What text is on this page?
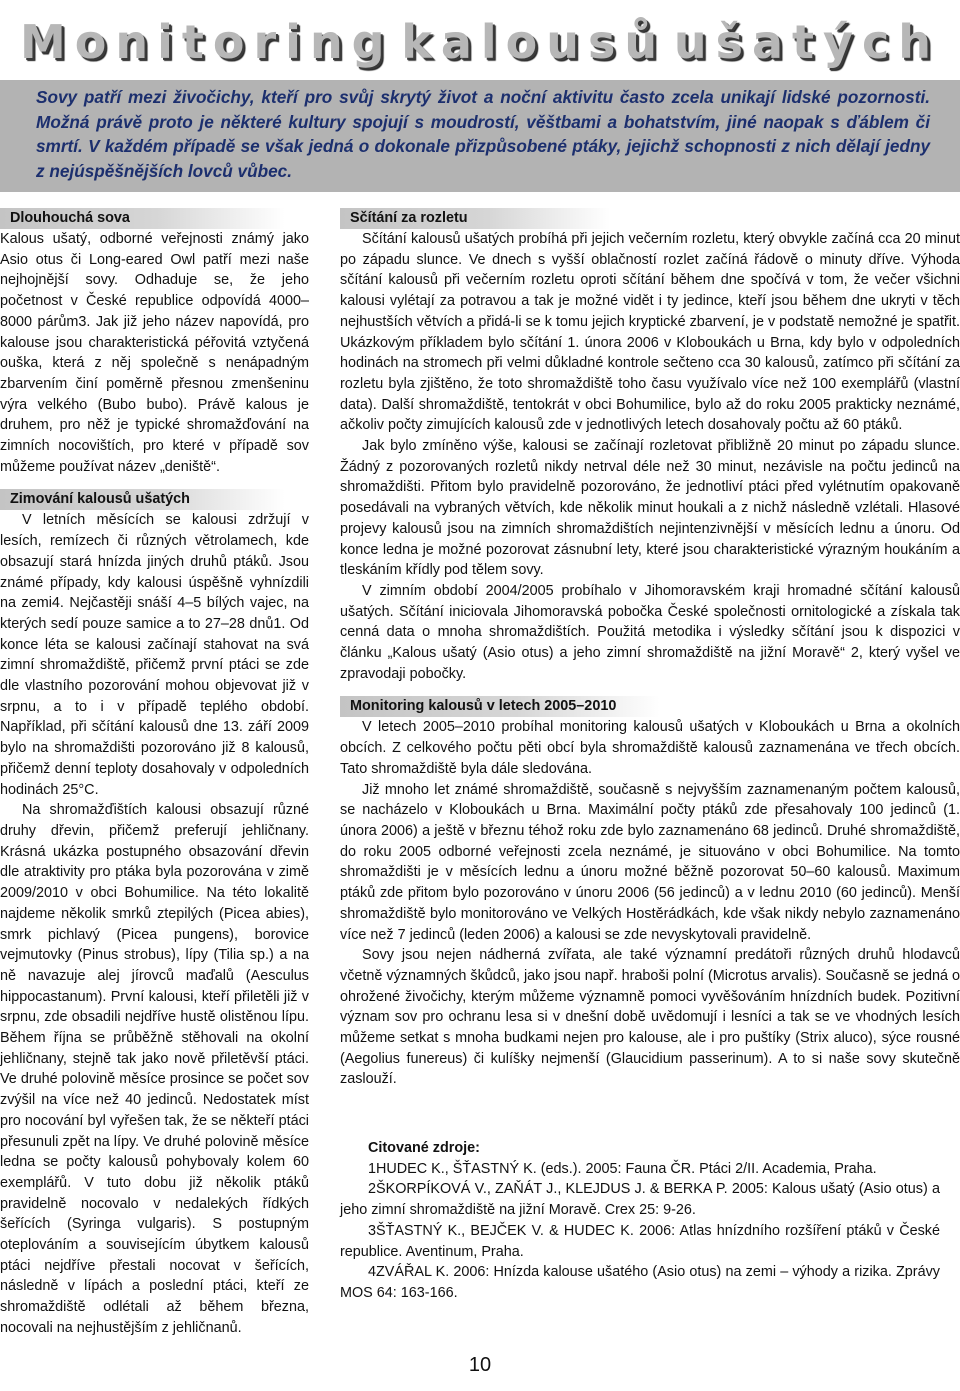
Monitoring kalousů ušatých

Sovy patří mezi živočichy, kteří pro svůj skrytý život a noční aktivitu často zcela unikají lidské pozornosti. Možná právě proto je některé kultury spojují s moudrostí, věštbami a bohatstvím, jiné naopak s ďáblem či smrtí. V každém případě se však jedná o dokonale přizpůsobené ptáky, jejichž schopnosti z nich dělají jedny z nejúspěšnějších lovců vůbec.

Dlouhouchá sova

Kalous ušatý, odborné veřejnosti známý jako Asio otus či Long-eared Owl patří mezi naše nejhojnější sovy. Odhaduje se, že jeho početnost v České republice odpovídá 4000–8000 párům3. Jak již jeho název napovídá, pro kalouse jsou charakteristická péřovitá vztyčená ouška, která z něj společně s nenápadným zbarvením činí poměrně přesnou zmenšeninu výra velkého (Bubo bubo). Právě kalous je druhem, pro něž je typické shromažďování na zimních nocovištích, pro které v případě sov můžeme používat název „deniště“.

Zimování kalousů ušatých

V letních měsících se kalousi zdržují v lesích, remízech či různých větrolamech, kde obsazují stará hnízda jiných druhů ptáků. Jsou známé případy, kdy kalousi úspěšně vyhnízdili na zemi4. Nejčastěji snáší 4–5 bílých vajec, na kterých sedí pouze samice a to 27–28 dnů1. Od konce léta se kalousi začínají stahovat na svá zimní shromaždiště, přičemž první ptáci se zde dle vlastního pozorování mohou objevovat již v srpnu, a to i v případě teplého období. Například, při sčítání kalousů dne 13. září 2009 bylo na shromaždišti pozorováno již 8 kalousů, přičemž denní teploty dosahovaly v odpoledních hodinách 25°C.

Na shromažďištích kalousi obsazují různé druhy dřevin, přičemž preferují jehličnany. Krásná ukázka postupného obsazování dřevin dle atraktivity pro ptáka byla pozorována v zimě 2009/2010 v obci Bohumilice. Na této lokalitě najdeme několik smrků ztepilých (Picea abies), smrk pichlavý (Picea pungens), borovice vejmutovky (Pinus strobus), lípy (Tilia sp.) a na ně navazuje alej jírovců maďalů (Aesculus hippocastanum). První kalousi, kteří přiletěli již v srpnu, zde obsadili nejdříve hustě olistěnou lípu. Během října se průběžně stěhovali na okolní jehličnany, stejně tak jako nově přiletěvší ptáci. Ve druhé polovině měsíce prosince se počet sov zvýšil na více než 40 jedinců. Nedostatek míst pro nocování byl vyřešen tak, že se někteří ptáci přesunuli zpět na lípy. Ve druhé polovině měsíce ledna se počty kalousů pohybovaly kolem 60 exemplářů. V tuto dobu již několik ptáků pravidelně nocovalo v nedalekých řídkých šeřících (Syringa vulgaris). S postupným oteplováním a souvisejícím úbytkem kalousů ptáci nejdříve přestali nocovat v šeřících, následně v lípách a poslední ptáci, kteří ze shromaždiště odlétali až během března, nocovali na nejhustějším z jehličnanů.

Sčítání za rozletu

Sčítání kalousů ušatých probíhá při jejich večerním rozletu, který obvykle začíná cca 20 minut po západu slunce. Ve dnech s vyšší oblačností rozlet začíná řádově o minuty dříve. Výhoda sčítání kalousů při večerním rozletu oproti sčítání během dne spočívá v tom, že večer všichni kalousi vylétají za potravou a tak je možné vidět i ty jedince, kteří jsou během dne ukryti v těch nejhustších větvích a přidá-li se k tomu jejich kryptické zbarvení, je v podstatě nemožné je spatřit. Ukázkovým příkladem bylo sčítání 1. února 2006 v Kloboukách u Brna, kdy bylo v odpoledních hodinách na stromech při velmi důkladné kontrole sečteno cca 30 kalousů, zatímco při sčítání za rozletu byla zjištěno, že toto shromaždiště toho času využívalo více než 100 exemplářů (vlastní data). Další shromaždiště, tentokrát v obci Bohumilice, bylo až do roku 2005 prakticky neznámé, ačkoliv počty zimujících kalousů zde v jednotlivých letech dosahovaly počtu až 60 ptáků.

Jak bylo zmíněno výše, kalousi se začínají rozletovat přibližně 20 minut po západu slunce. Žádný z pozorovaných rozletů nikdy netrval déle než 30 minut, nezávisle na počtu jedinců na shromaždišti. Přitom bylo pravidelně pozorováno, že jednotliví ptáci před vylétnutím opakovaně posedávali na vybraných větvích, kde několik minut houkali a z nichž následně vzlétali. Hlasové projevy kalousů jsou na zimních shromaždištích nejintenzivnější v měsících lednu a únoru. Od konce ledna je možné pozorovat zásnubní lety, které jsou charakteristické výrazným houkáním a tleskáním křídly pod tělem sovy.

V zimním období 2004/2005 probíhalo v Jihomoravském kraji hromadné sčítání kalousů ušatých. Sčítání iniciovala Jihomoravská pobočka České společnosti ornitologické a získala tak cenná data o mnoha shromaždištích. Použitá metodika i výsledky sčítání jsou k dispozici v článku „Kalous ušatý (Asio otus) a jeho zimní shromaždiště na jižní Moravě“ 2, který vyšel ve zpravodaji pobočky.

Monitoring kalousů v letech 2005–2010

V letech 2005–2010 probíhal monitoring kalousů ušatých v Kloboukách u Brna a okolních obcích. Z celkového počtu pěti obcí byla shromaždiště kalousů zaznamenána ve třech obcích. Tato shromaždiště byla dále sledována.

Již mnoho let známé shromaždiště, současně s nejvyšším zaznamenaným počtem kalousů, se nacházelo v Kloboukách u Brna. Maximální počty ptáků zde přesahovaly 100 jedinců (1. února 2006) a ještě v březnu téhož roku zde bylo zaznamenáno 68 jedinců. Druhé shromaždiště, do roku 2005 odborné veřejnosti zcela neznámé, je situováno v obci Bohumilice. Na tomto shromaždišti je v měsících lednu a únoru možné běžně pozorovat 50–60 kalousů. Maximum ptáků zde přitom bylo pozorováno v únoru 2006 (56 jedinců) a v lednu 2010 (60 jedinců). Menší shromaždiště bylo monitorováno ve Velkých Hostěrádkách, kde však nikdy nebylo zaznamenáno více než 7 jedinců (leden 2006) a kalousi se zde nevyskytovali pravidelně.

Sovy jsou nejen nádherná zvířata, ale také významní predátoři různých druhů hlodavců včetně významných škůdců, jako jsou např. hraboši polní (Microtus arvalis). Současně se jedná o ohrožené živočichy, kterým můžeme významně pomoci vyvěšováním hnízdních budek. Pozitivní význam sov pro ochranu lesa si v dnešní době uvědomují i lesníci a tak se ve vhodných lesích můžeme setkat s mnoha budkami nejen pro kalouse, ale i pro puštíky (Strix aluco), sýce rousné (Aegolius funereus) či kulíšky nejmenší (Glaucidium passerinum). A to si naše sovy skutečně zaslouží.

Citované zdroje:

1HUDEC K., ŠŤASTNÝ K. (eds.). 2005: Fauna ČR. Ptáci 2/II. Academia, Praha.

2ŠKORPÍKOVÁ V., ZAŇÁT J., KLEJDUS J. & BERKA P. 2005: Kalous ušatý (Asio otus) a jeho zimní shromaždiště na jižní Moravě. Crex 25: 9-26.

3ŠŤASTNÝ K., BEJČEK V. & HUDEC K. 2006: Atlas hnízdního rozšíření ptáků v České republice. Aventinum, Praha.

4ZVÁŘAL K. 2006: Hnízda kalouse ušatého (Asio otus) na zemi – výhody a rizika. Zprávy MOS 64: 163-166.

10
